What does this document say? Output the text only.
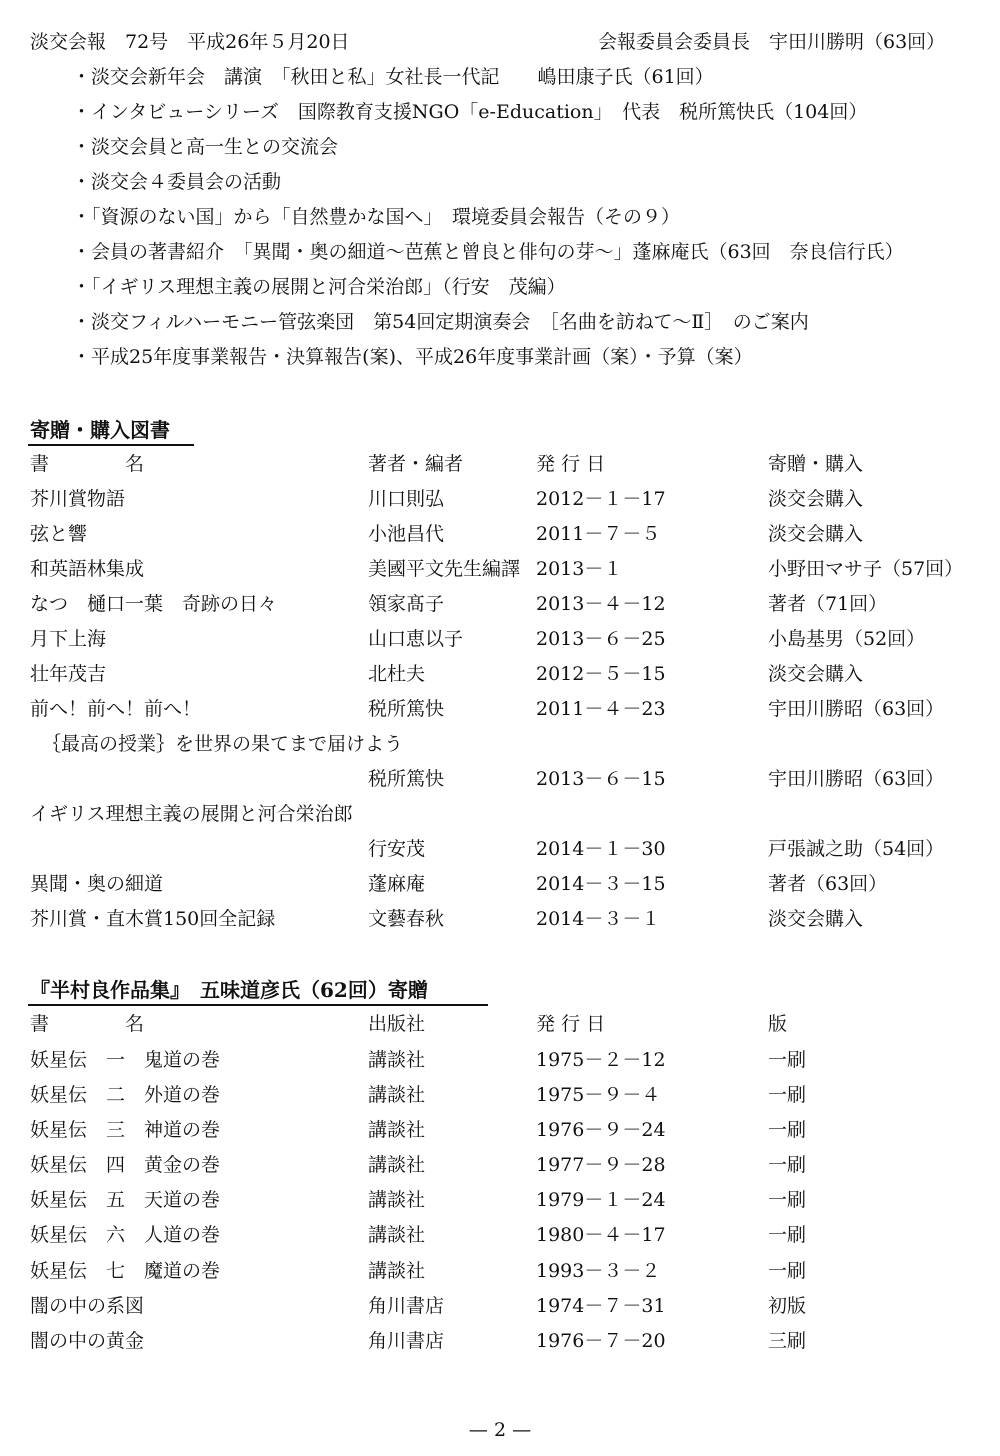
淡交会報　72号　平成26年５月20日	会報委員会委員長　宇田川勝明（63回）
・淡交会新年会　講演　「秋田と私」女社長一代記　　嶋田康子氏（61回）
・インタビューシリーズ　国際教育支援NGO「e-Education」　代表　税所篤快氏（104回）
・淡交会員と高一生との交流会
・淡交会４委員会の活動
・「資源のない国」から「自然豊かな国へ」　環境委員会報告（その９）
・会員の著書紹介　「異聞・奥の細道〜芭蕉と曾良と俳句の芽〜」蓬麻庵氏（63回　奈良信行氏）
・「イギリス理想主義の展開と河合栄治郎」（行安　茂編）
・淡交フィルハーモニー管弦楽団　第54回定期演奏会　［名曲を訪ねて〜Ⅱ］　のご案内
・平成25年度事業報告・決算報告(案)、平成26年度事業計画（案）・予算（案）
寄贈・購入図書
書　　　　名	著者・編者	発 行 日	寄贈・購入
芥川賞物語	川口則弘	2012－１－17	淡交会購入
弦と響	小池昌代	2011－７－５	淡交会購入
和英語林集成	美國平文先生編譯 2013－１	小野田マサ子（57回）
なつ　樋口一葉　奇跡の日々	領家髙子	2013－４－12	著者（71回）
月下上海	山口恵以子	2013－６－25	小島基男（52回）
壮年茂吉	北杜夫	2012－５－15	淡交会購入
前へ！前へ！前へ！	税所篤快	2011－４－23	宇田川勝昭（63回）
｛最高の授業｝を世界の果てまで届けよう
税所篤快	2013－６－15	宇田川勝昭（63回）
イギリス理想主義の展開と河合栄治郎
行安茂	2014－１－30	戸張誠之助（54回）
異聞・奥の細道	蓬麻庵	2014－３－15	著者（63回）
芥川賞・直木賞150回全記録	文藝春秋	2014－３－１	淡交会購入
『半村良作品集』　五味道彦氏（62回）寄贈
書　　　　名	出版社	発 行 日	版
妖星伝　一　鬼道の巻	講談社	1975－２－12	一刷
妖星伝　二　外道の巻	講談社	1975－９－４	一刷
妖星伝　三　神道の巻	講談社	1976－９－24	一刷
妖星伝　四　黄金の巻	講談社	1977－９－28	一刷
妖星伝　五　天道の巻	講談社	1979－１－24	一刷
妖星伝　六　人道の巻	講談社	1980－４－17	一刷
妖星伝　七　魔道の巻	講談社	1993－３－２	一刷
闇の中の系図	角川書店	1974－７－31	初版
闇の中の黄金	角川書店	1976－７－20	三刷
— 2 —
